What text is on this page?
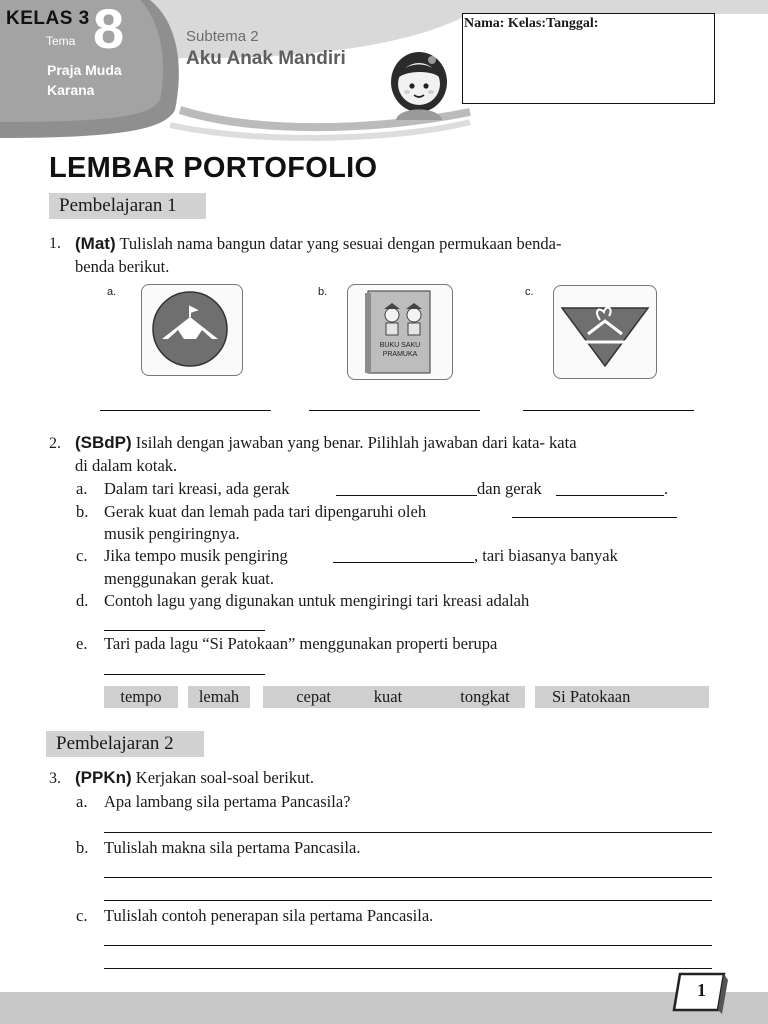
KELAS 3
Tema 8
Praja Muda Karana
Subtema 2
Aku Anak Mandiri
Nama: Kelas:Tanggal:
LEMBAR PORTOFOLIO
Pembelajaran 1
1. (Mat) Tulislah nama bangun datar yang sesuai dengan permukaan benda-
benda berikut.
a.	b.
BUKU SAKU
PRAMUKA
c.
2. (SBdP) Isilah dengan jawaban yang benar. Pilihlah jawaban dari kata- kata
di dalam kotak.
a. Dalam tari kreasi, ada gerak	dan gerak	.
b. Gerak kuat dan lemah pada tari dipengaruhi oleh
musik pengiringnya.
c. Jika tempo musik pengiring	, tari biasanya banyak
menggunakan gerak kuat.
d. Contoh lagu yang digunakan untuk mengiringi tari kreasi adalah
e. Tari pada lagu “Si Patokaan” menggunakan properti berupa
tempo	lemah	cepat	kuat	tongkat	Si Patokaan
Pembelajaran 2
3. (PPKn) Kerjakan soal-soal berikut.
a. Apa lambang sila pertama Pancasila?
b. Tulislah makna sila pertama Pancasila.
c. Tulislah contoh penerapan sila pertama Pancasila.
1
